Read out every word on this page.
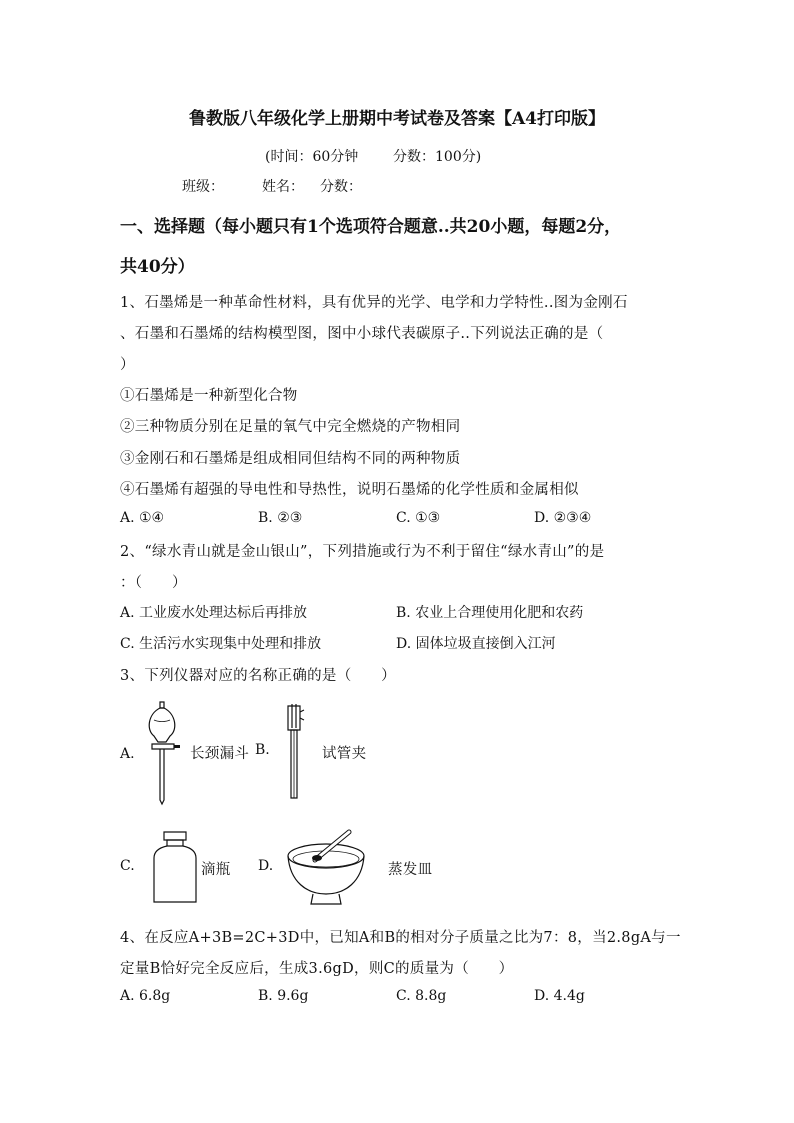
鲁教版八年级化学上册期中考试卷及答案【A4打印版】
(时间：60分钟 分数：100分)
班级：	姓名： 分数：
一、选择题（每小题只有1个选项符合题意..共20小题，每题2分，
共40分）
1、石墨烯是一种革命性材料，具有优异的光学、电学和力学特性..图为金刚石
、石墨和石墨烯的结构模型图，图中小球代表碳原子..下列说法正确的是（
）
①石墨烯是一种新型化合物
②三种物质分别在足量的氧气中完全燃烧的产物相同
③金刚石和石墨烯是组成相同但结构不同的两种物质
④石墨烯有超强的导电性和导热性，说明石墨烯的化学性质和金属相似
A. ①④	B. ②③	C. ①③	D. ②③④
2、“绿水青山就是金山银山”，下列措施或行为不利于留住“绿水青山”的是
：（　　）
A. 工业废水处理达标后再排放	B. 农业上合理使用化肥和农药
C. 生活污水实现集中处理和排放	D. 固体垃圾直接倒入江河
3、下列仪器对应的名称正确的是（　　）
A.	长颈漏斗 B.	试管夹
C.	滴瓶 D.	蒸发皿
4、在反应A+3B=2C+3D中，已知A和B的相对分子质量之比为7：8，当2.8gA与一
定量B恰好完全反应后，生成3.6gD，则C的质量为（　　）
A. 6.8g	B. 9.6g	C. 8.8g	D. 4.4g
